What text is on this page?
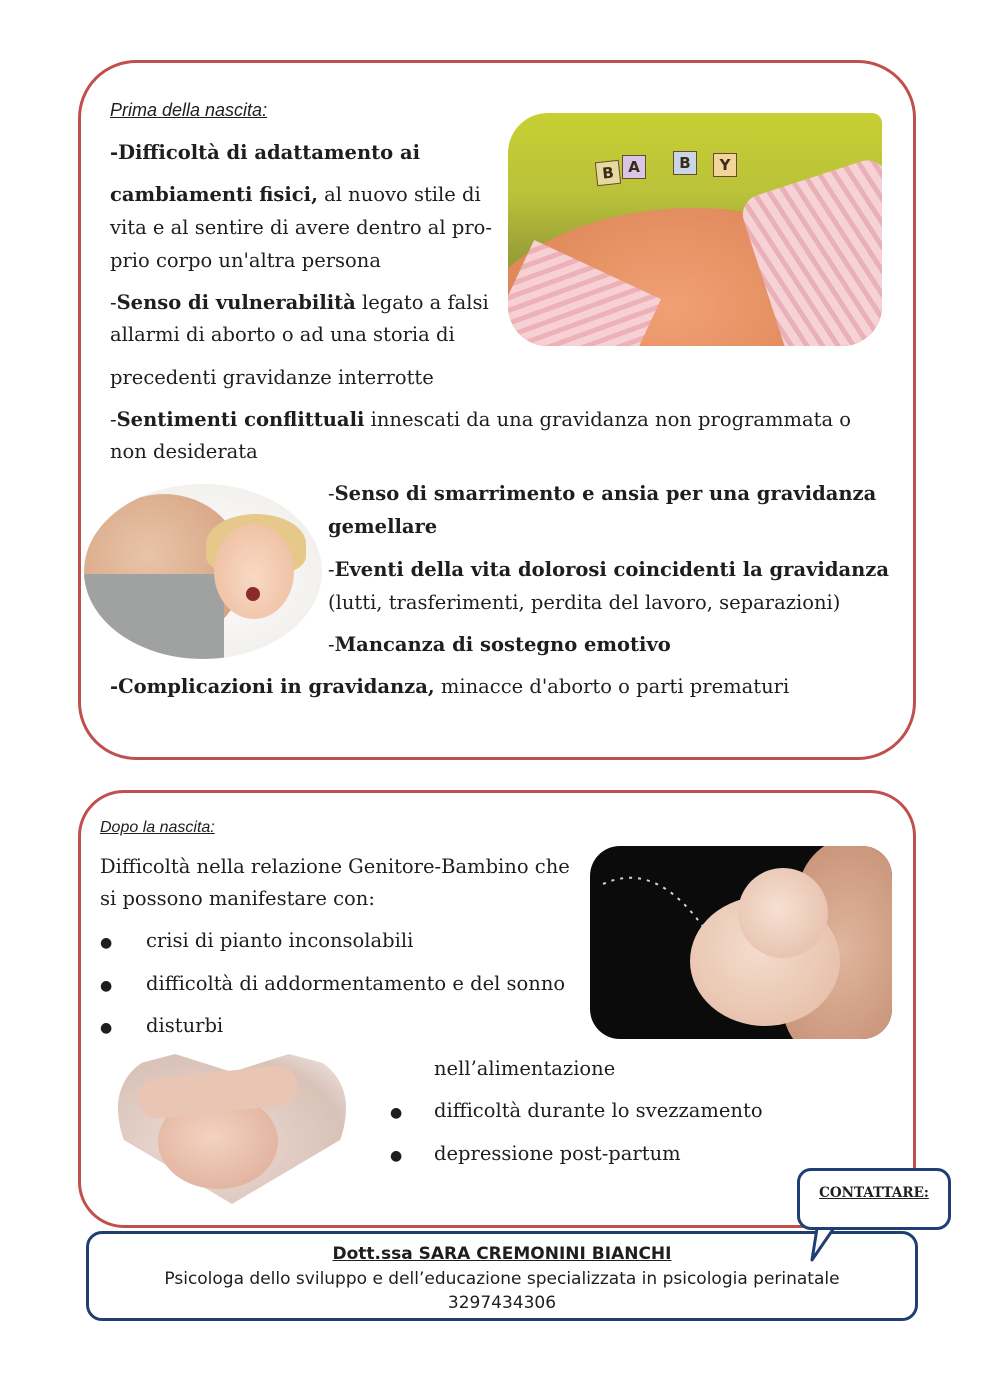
Prima della nascita:
-Difficoltà di adattamento ai
cambiamenti fisici, al nuovo stile di
vita e al sentire di avere dentro al pro-
prio corpo un'altra persona
-Senso di vulnerabilità legato a falsi
allarmi di aborto o ad una storia di
precedenti gravidanze interrotte
-Sentimenti conflittuali innescati da una gravidanza non programmata o
non desiderata
-Senso di smarrimento e ansia per una gravidanza
gemellare
-Eventi della vita dolorosi coincidenti la gravidanza
(lutti, trasferimenti, perdita del lavoro, separazioni)
-Mancanza di sostegno emotivo
-Complicazioni in gravidanza, minacce d'aborto o parti prematuri
B A	B	Y
Dopo la nascita:
Difficoltà nella relazione Genitore-Bambino che
si possono manifestare con:
● crisi di pianto inconsolabili
● difficoltà di addormentamento e del sonno
● disturbi
nell’alimentazione
● difficoltà durante lo svezzamento
● depressione post-partum
Dott.ssa SARA CREMONINI BIANCHI
Psicologa dello sviluppo e dell’educazione specializzata in psicologia perinatale
3297434306
CONTATTARE:
